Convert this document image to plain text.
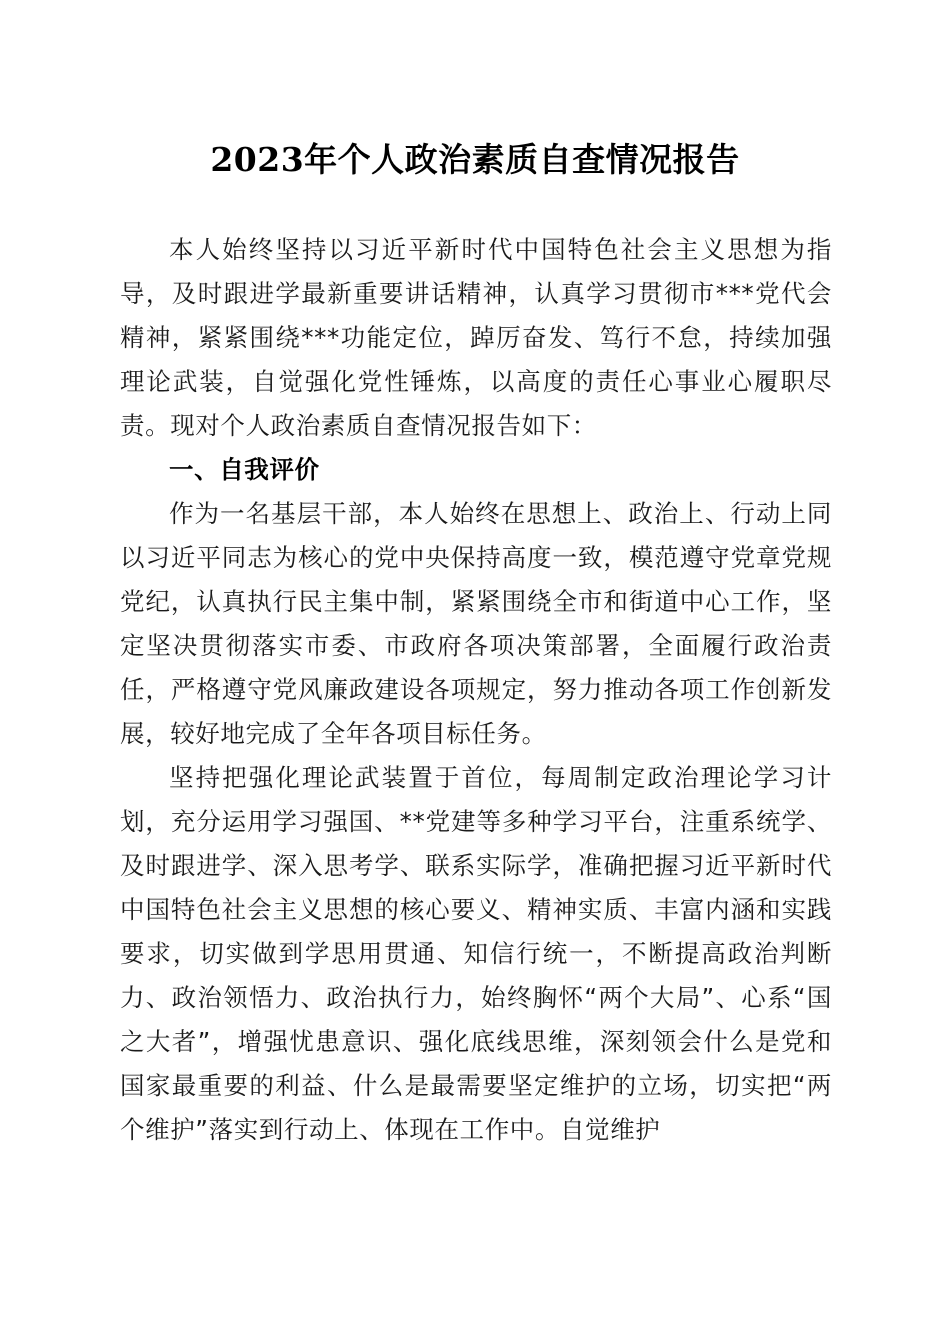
2023年个人政治素质自查情况报告

本人始终坚持以习近平新时代中国特色社会主义思想为指导，及时跟进学最新重要讲话精神，认真学习贯彻市***党代会精神，紧紧围绕***功能定位，踔厉奋发、笃行不怠，持续加强理论武装，自觉强化党性锤炼，以高度的责任心事业心履职尽责。现对个人政治素质自查情况报告如下：

一、自我评价

作为一名基层干部，本人始终在思想上、政治上、行动上同以习近平同志为核心的党中央保持高度一致，模范遵守党章党规党纪，认真执行民主集中制，紧紧围绕全市和街道中心工作，坚定坚决贯彻落实市委、市政府各项决策部署，全面履行政治责任，严格遵守党风廉政建设各项规定，努力推动各项工作创新发展，较好地完成了全年各项目标任务。

坚持把强化理论武装置于首位，每周制定政治理论学习计划，充分运用学习强国、**党建等多种学习平台，注重系统学、及时跟进学、深入思考学、联系实际学，准确把握习近平新时代中国特色社会主义思想的核心要义、精神实质、丰富内涵和实践要求，切实做到学思用贯通、知信行统一，不断提高政治判断力、政治领悟力、政治执行力，始终胸怀“两个大局”、心系“国之大者”，增强忧患意识、强化底线思维，深刻领会什么是党和国家最重要的利益、什么是最需要坚定维护的立场，切实把“两个维护”落实到行动上、体现在工作中。自觉维护
